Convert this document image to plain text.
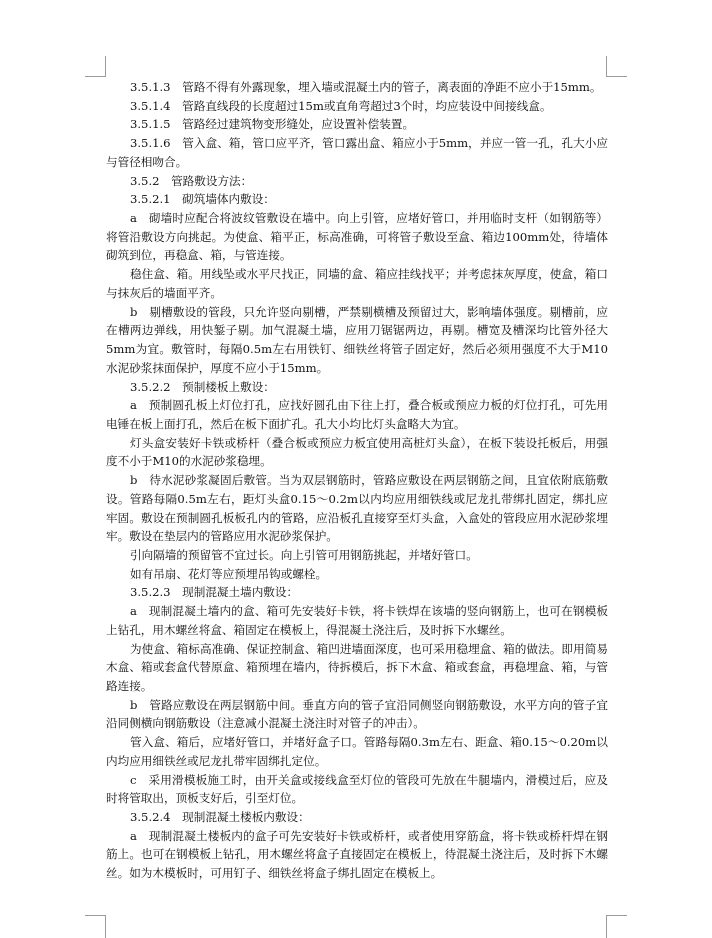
3.5.1.3　管路不得有外露现象，埋入墙或混凝土内的管子，离表面的净距不应小于15mm。

3.5.1.4　管路直线段的长度超过15m或直角弯超过3个时，均应装设中间接线盒。

3.5.1.5　管路经过建筑物变形缝处，应设置补偿装置。

3.5.1.6　管入盒、箱，管口应平齐，管口露出盒、箱应小于5mm，并应一管一孔，孔大小应与管径相吻合。

3.5.2　管路敷设方法：

3.5.2.1　砌筑墙体内敷设：

a　砌墙时应配合将波纹管敷设在墙中。向上引管，应堵好管口，并用临时支杆（如钢筋等）将管沿敷设方向挑起。为使盒、箱平正，标高准确，可将管子敷设至盒、箱边100mm处，待墙体砌筑到位，再稳盒、箱，与管连接。

稳住盒、箱。用线坠或水平尺找正，同墙的盒、箱应挂线找平；并考虑抹灰厚度，使盒，箱口与抹灰后的墙面平齐。

b　剔槽敷设的管段，只允许竖向剔槽，严禁剔横槽及预留过大，影响墙体强度。剔槽前，应在槽两边弹线，用快錾子剔。加气混凝土墙，应用刀锯锯两边，再剔。槽宽及槽深均比管外径大5mm为宜。敷管时，每隔0.5m左右用铁钉、细铁丝将管子固定好，然后必须用强度不大于M10水泥砂浆抹面保护，厚度不应小于15mm。

3.5.2.2　预制楼板上敷设：

a　预制圆孔板上灯位打孔，应找好圆孔由下往上打，叠合板或预应力板的灯位打孔，可先用电锤在板上面打孔，然后在板下面扩孔。孔大小均比灯头盒略大为宜。

灯头盒安装好卡铁或桥杆（叠合板或预应力板宜使用高桩灯头盒），在板下装设托板后，用强度不小于M10的水泥砂浆稳埋。

b　待水泥砂浆凝固后敷管。当为双层钢筋时，管路应敷设在两层钢筋之间，且宜依附底筋敷设。管路每隔0.5m左右，距灯头盒0.15～0.2m以内均应用细铁线或尼龙扎带绑扎固定，绑扎应牢固。敷设在预制圆孔板板孔内的管路，应沿板孔直接穿至灯头盒，入盒处的管段应用水泥砂浆埋牢。敷设在垫层内的管路应用水泥砂浆保护。

引向隔墙的预留管不宜过长。向上引管可用钢筋挑起，并堵好管口。

如有吊扇、花灯等应预埋吊钩或螺栓。

3.5.2.3　现制混凝土墙内敷设：

a　现制混凝土墙内的盒、箱可先安装好卡铁，将卡铁焊在该墙的竖向钢筋上，也可在钢模板上钻孔，用木螺丝将盒、箱固定在模板上，得混凝土浇注后，及时拆下水螺丝。

为使盒、箱标高准确、保证控制盒、箱凹进墙面深度，也可采用稳埋盒、箱的做法。即用简易木盒、箱或套盒代替原盒、箱预埋在墙内，待拆模后，拆下木盒、箱或套盒，再稳埋盒、箱，与管路连接。

b　管路应敷设在两层钢筋中间。垂直方向的管子宜沿同侧竖向钢筋敷设，水平方向的管子宜沿同侧横向钢筋敷设（注意减小混凝土浇注时对管子的冲击）。

管入盒、箱后，应堵好管口，并堵好盒子口。管路每隔0.3m左右、距盒、箱0.15～0.20m以内均应用细铁丝或尼龙扎带牢固绑扎定位。

c　采用滑模板施工时，由开关盒或接线盒至灯位的管段可先放在牛腿墙内，滑模过后，应及时将管取出，顶板支好后，引至灯位。

3.5.2.4　现制混凝土楼板内敷设：

a　现制混凝土楼板内的盒子可先安装好卡铁或桥杆，或者使用穿筋盒，将卡铁或桥杆焊在钢筋上。也可在钢模板上钻孔，用木螺丝将盒子直接固定在模板上，待混凝土浇注后，及时拆下木螺丝。如为木模板时，可用钉子、细铁丝将盒子绑扎固定在模板上。
